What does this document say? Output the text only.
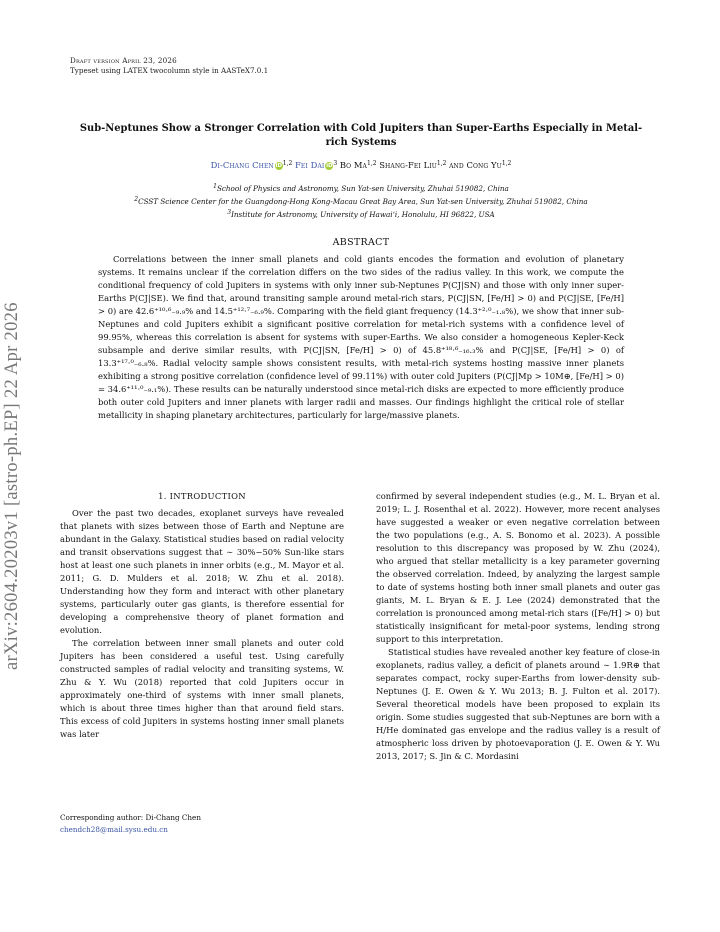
arXiv:2604.20203v1 [astro-ph.EP] 22 Apr 2026
Draft version April 23, 2026
Typeset using LATEX twocolumn style in AASTeX7.0.1
Sub-Neptunes Show a Stronger Correlation with Cold Jupiters than Super-Earths Especially in Metal-rich Systems
Di-Chang Chen iD$^{1,2}$ Fei Dai $iD^3$ Bo Ma$^{1,2}$ Shang-Fei Liu$^{1,2}$ and Cong Yu$^{1,2}$
$^1$School of Physics and Astronomy, Sun Yat-sen University, Zhuhai 519082, China
$^2$CSST Science Center for the Guangdong-Hong Kong-Macau Great Bay Area, Sun Yat-sen University, Zhuhai 519082, China
$^3$Institute for Astronomy, University of Hawai‘i, Honolulu, HI 96822, USA
ABSTRACT

Correlations between the inner small planets and cold giants encodes the formation and evolution of planetary systems. It remains unclear if the correlation differs on the two sides of the radius valley. In this work, we compute the conditional frequency of cold Jupiters in systems with only inner sub-Neptunes P(CJ|SN) and those with only inner super-Earths P(CJ|SE). We find that, around transiting sample around metal-rich stars, P(CJ|SN, [Fe/H] > 0) and P(CJ|SE, [Fe/H] > 0) are 42.6⁺¹⁰·⁶₋₉.₉% and 14.5⁺¹²·⁷₋₆.₉%. Comparing with the field giant frequency (14.3⁺²·⁰₋₁.₈%), we show that inner sub-Neptunes and cold Jupiters exhibit a significant positive correlation for metal-rich systems with a confidence level of 99.95%, whereas this correlation is absent for systems with super-Earths. We also consider a homogeneous Kepler-Keck subsample and derive similar results, with P(CJ|SN, [Fe/H] > 0) of 45.8⁺¹⁸·⁶₋₁₆.₃% and P(CJ|SE, [Fe/H] > 0) of 13.3⁺¹⁷·⁰₋₆.₈%. Radial velocity sample shows consistent results, with metal-rich systems hosting massive inner planets exhibiting a strong positive correlation (confidence level of 99.11%) with outer cold Jupiters (P(CJ|Mp > 10M⊕, [Fe/H] > 0) = 34.6⁺¹¹·⁰₋₉.₁%). These results can be naturally understood since metal-rich disks are expected to more efficiently produce both outer cold Jupiters and inner planets with larger radii and masses. Our findings highlight the critical role of stellar metallicity in shaping planetary architectures, particularly for large/massive planets.

1. INTRODUCTION

Over the past two decades, exoplanet surveys have revealed that planets with sizes between those of Earth and Neptune are abundant in the Galaxy. Statistical studies based on radial velocity and transit observations suggest that ∼ 30%−50% Sun-like stars host at least one such planets in inner orbits (e.g., M. Mayor et al. 2011; G. D. Mulders et al. 2018; W. Zhu et al. 2018). Understanding how they form and interact with other planetary systems, particularly outer gas giants, is therefore essential for developing a comprehensive theory of planet formation and evolution.

The correlation between inner small planets and outer cold Jupiters has been considered a useful test. Using carefully constructed samples of radial velocity and transiting systems, W. Zhu & Y. Wu (2018) reported that cold Jupiters occur in approximately one-third of systems with inner small planets, which is about three times higher than that around field stars. This excess of cold Jupiters in systems hosting inner small planets was later

confirmed by several independent studies (e.g., M. L. Bryan et al. 2019; L. J. Rosenthal et al. 2022). However, more recent analyses have suggested a weaker or even negative correlation between the two populations (e.g., A. S. Bonomo et al. 2023). A possible resolution to this discrepancy was proposed by W. Zhu (2024), who argued that stellar metallicity is a key parameter governing the observed correlation. Indeed, by analyzing the largest sample to date of systems hosting both inner small planets and outer gas giants, M. L. Bryan & E. J. Lee (2024) demonstrated that the correlation is pronounced among metal-rich stars ([Fe/H] > 0) but statistically insignificant for metal-poor systems, lending strong support to this interpretation.

Statistical studies have revealed another key feature of close-in exoplanets, radius valley, a deficit of planets around ∼ 1.9R⊕ that separates compact, rocky super-Earths from lower-density sub-Neptunes (J. E. Owen & Y. Wu 2013; B. J. Fulton et al. 2017). Several theoretical models have been proposed to explain its origin. Some studies suggested that sub-Neptunes are born with a H/He dominated gas envelope and the radius valley is a result of atmospheric loss driven by photoevaporation (J. E. Owen & Y. Wu 2013, 2017; S. Jin & C. Mordasini

Corresponding author: Di-Chang Chen
chendch28@mail.sysu.edu.cn
